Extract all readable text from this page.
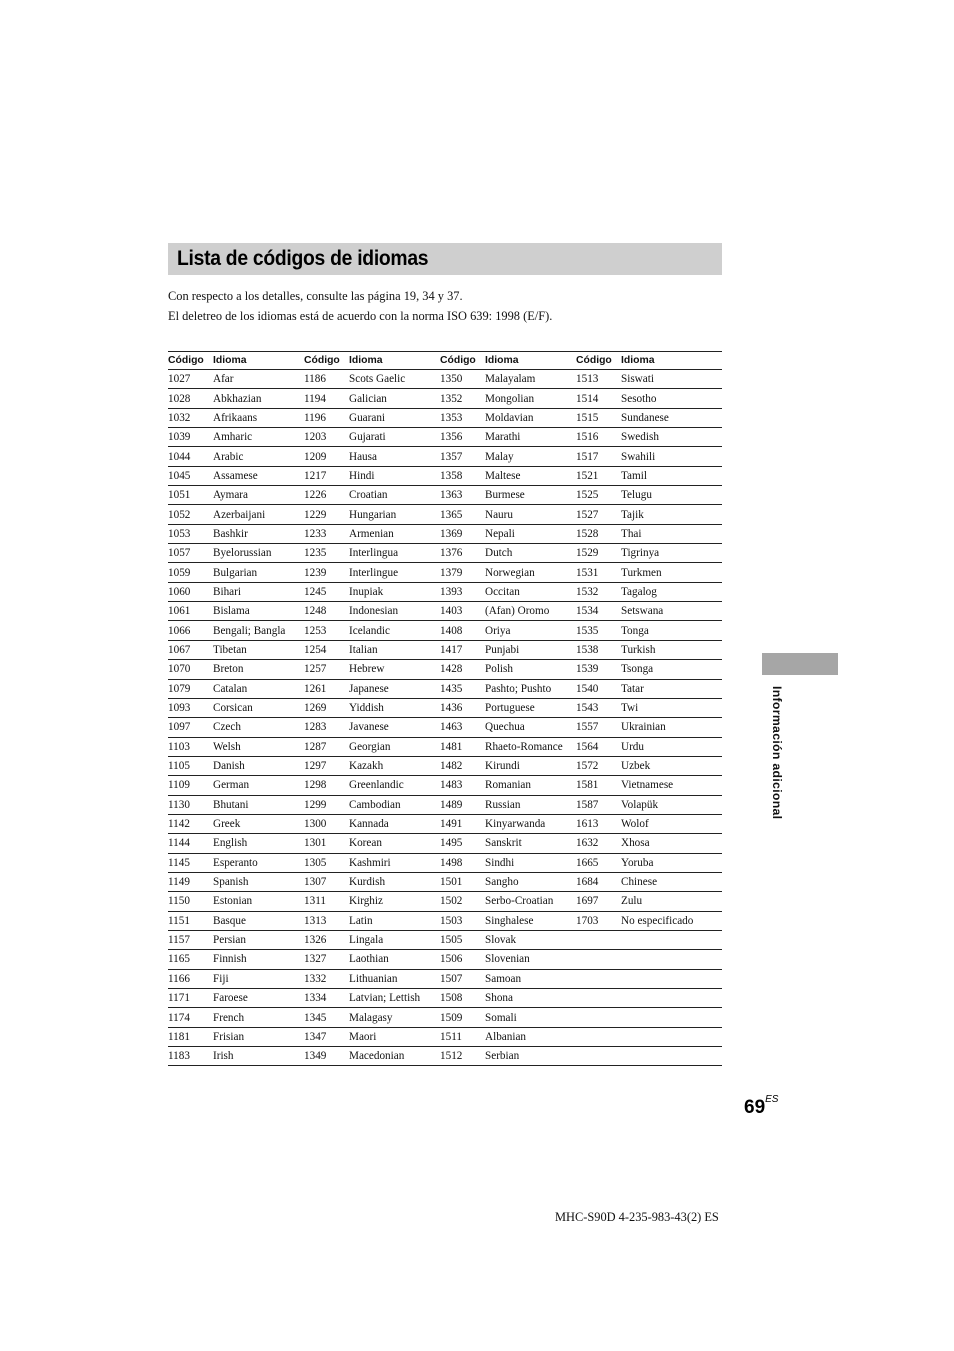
Lista de códigos de idiomas
Con respecto a los detalles, consulte las página 19, 34 y 37.
El deletreo de los idiomas está de acuerdo con la norma ISO 639: 1998 (E/F).
Código	Idioma	Código	Idioma	Código	Idioma	Código	Idioma
1027	Afar	1186	Scots Gaelic	1350	Malayalam	1513	Siswati
1028	Abkhazian	1194	Galician	1352	Mongolian	1514	Sesotho
1032	Afrikaans	1196	Guarani	1353	Moldavian	1515	Sundanese
1039	Amharic	1203	Gujarati	1356	Marathi	1516	Swedish
1044	Arabic	1209	Hausa	1357	Malay	1517	Swahili
1045	Assamese	1217	Hindi	1358	Maltese	1521	Tamil
1051	Aymara	1226	Croatian	1363	Burmese	1525	Telugu
1052	Azerbaijani	1229	Hungarian	1365	Nauru	1527	Tajik
1053	Bashkir	1233	Armenian	1369	Nepali	1528	Thai
1057	Byelorussian	1235	Interlingua	1376	Dutch	1529	Tigrinya
1059	Bulgarian	1239	Interlingue	1379	Norwegian	1531	Turkmen
1060	Bihari	1245	Inupiak	1393	Occitan	1532	Tagalog
1061	Bislama	1248	Indonesian	1403	(Afan) Oromo	1534	Setswana
1066	Bengali; Bangla	1253	Icelandic	1408	Oriya	1535	Tonga
1067	Tibetan	1254	Italian	1417	Punjabi	1538	Turkish
1070	Breton	1257	Hebrew	1428	Polish	1539	Tsonga
1079	Catalan	1261	Japanese	1435	Pashto; Pushto	1540	Tatar
1093	Corsican	1269	Yiddish	1436	Portuguese	1543	Twi
1097	Czech	1283	Javanese	1463	Quechua	1557	Ukrainian
1103	Welsh	1287	Georgian	1481	Rhaeto-Romance	1564	Urdu
1105	Danish	1297	Kazakh	1482	Kirundi	1572	Uzbek
1109	German	1298	Greenlandic	1483	Romanian	1581	Vietnamese
1130	Bhutani	1299	Cambodian	1489	Russian	1587	Volapük
1142	Greek	1300	Kannada	1491	Kinyarwanda	1613	Wolof
1144	English	1301	Korean	1495	Sanskrit	1632	Xhosa
1145	Esperanto	1305	Kashmiri	1498	Sindhi	1665	Yoruba
1149	Spanish	1307	Kurdish	1501	Sangho	1684	Chinese
1150	Estonian	1311	Kirghiz	1502	Serbo-Croatian	1697	Zulu
1151	Basque	1313	Latin	1503	Singhalese	1703	No especificado
1157	Persian	1326	Lingala	1505	Slovak		
1165	Finnish	1327	Laothian	1506	Slovenian		
1166	Fiji	1332	Lithuanian	1507	Samoan		
1171	Faroese	1334	Latvian; Lettish	1508	Shona		
1174	French	1345	Malagasy	1509	Somali		
1181	Frisian	1347	Maori	1511	Albanian		
1183	Irish	1349	Macedonian	1512	Serbian		
Información adicional
$69^{ES}$
MHC-S90D 4-235-983-43(2) ES
